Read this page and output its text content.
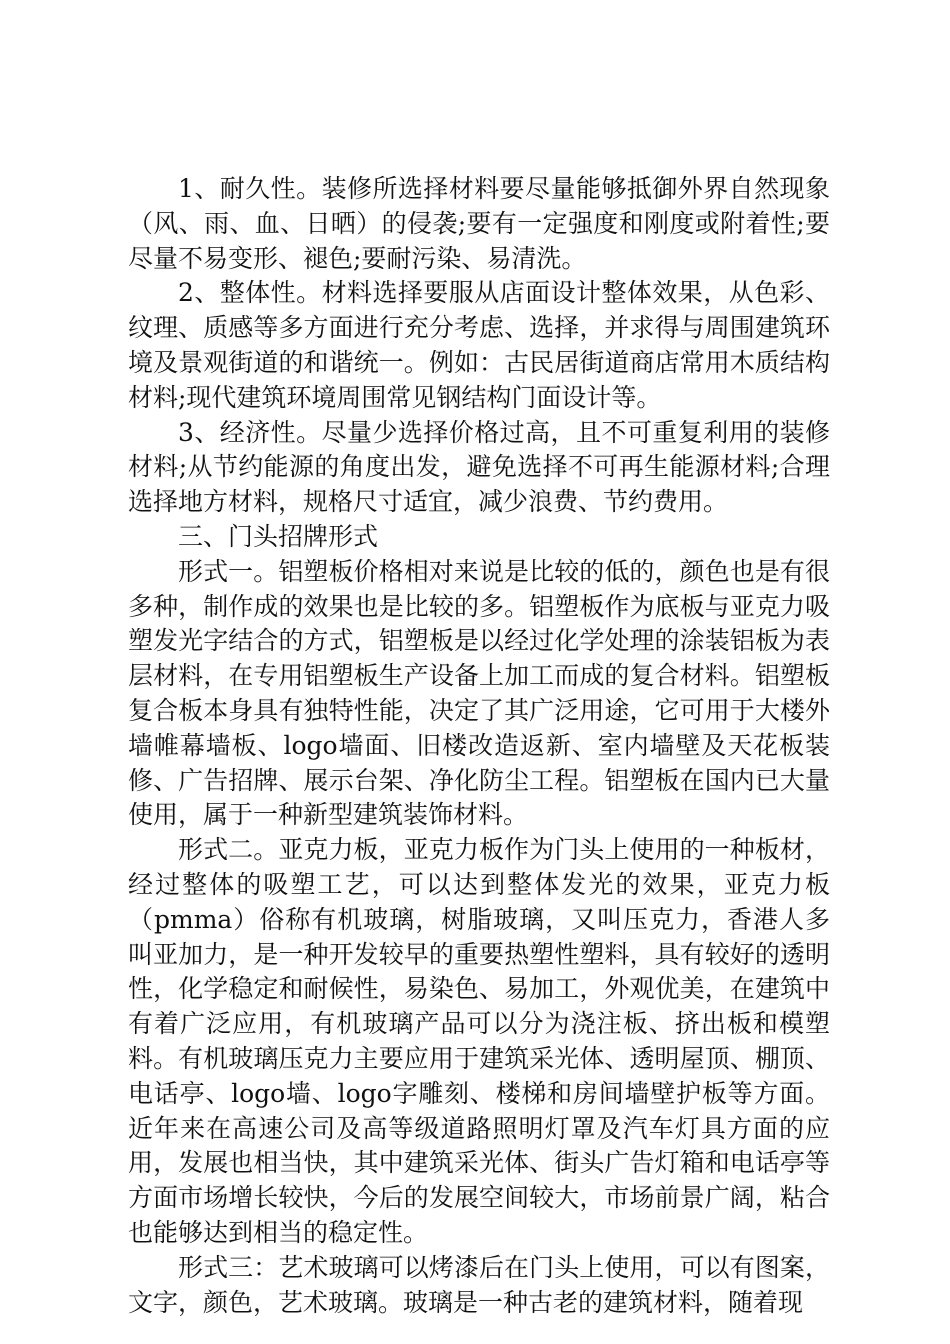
1、耐久性。装修所选择材料要尽量能够抵御外界自然现象（风、雨、血、日晒）的侵袭;要有一定强度和刚度或附着性;要尽量不易变形、褪色;要耐污染、易清洗。

2、整体性。材料选择要服从店面设计整体效果，从色彩、纹理、质感等多方面进行充分考虑、选择，并求得与周围建筑环境及景观街道的和谐统一。例如：古民居街道商店常用木质结构材料;现代建筑环境周围常见钢结构门面设计等。

3、经济性。尽量少选择价格过高，且不可重复利用的装修材料;从节约能源的角度出发，避免选择不可再生能源材料;合理选择地方材料，规格尺寸适宜，减少浪费、节约费用。

三、门头招牌形式

形式一。铝塑板价格相对来说是比较的低的，颜色也是有很多种，制作成的效果也是比较的多。铝塑板作为底板与亚克力吸塑发光字结合的方式，铝塑板是以经过化学处理的涂装铝板为表层材料，在专用铝塑板生产设备上加工而成的复合材料。铝塑板复合板本身具有独特性能，决定了其广泛用途，它可用于大楼外墙帷幕墙板、logo墙面、旧楼改造返新、室内墙壁及天花板装修、广告招牌、展示台架、净化防尘工程。铝塑板在国内已大量使用，属于一种新型建筑装饰材料。

形式二。亚克力板，亚克力板作为门头上使用的一种板材，经过整体的吸塑工艺，可以达到整体发光的效果，亚克力板（pmma）俗称有机玻璃，树脂玻璃，又叫压克力，香港人多叫亚加力，是一种开发较早的重要热塑性塑料，具有较好的透明性，化学稳定和耐候性，易染色、易加工，外观优美，在建筑中有着广泛应用，有机玻璃产品可以分为浇注板、挤出板和模塑料。有机玻璃压克力主要应用于建筑采光体、透明屋顶、棚顶、电话亭、logo墙、logo字雕刻、楼梯和房间墙壁护板等方面。近年来在高速公司及高等级道路照明灯罩及汽车灯具方面的应用，发展也相当快，其中建筑采光体、街头广告灯箱和电话亭等方面市场增长较快，今后的发展空间较大，市场前景广阔，粘合也能够达到相当的稳定性。

形式三：艺术玻璃可以烤漆后在门头上使用，可以有图案，文字，颜色，艺术玻璃。玻璃是一种古老的建筑材料，随着现
